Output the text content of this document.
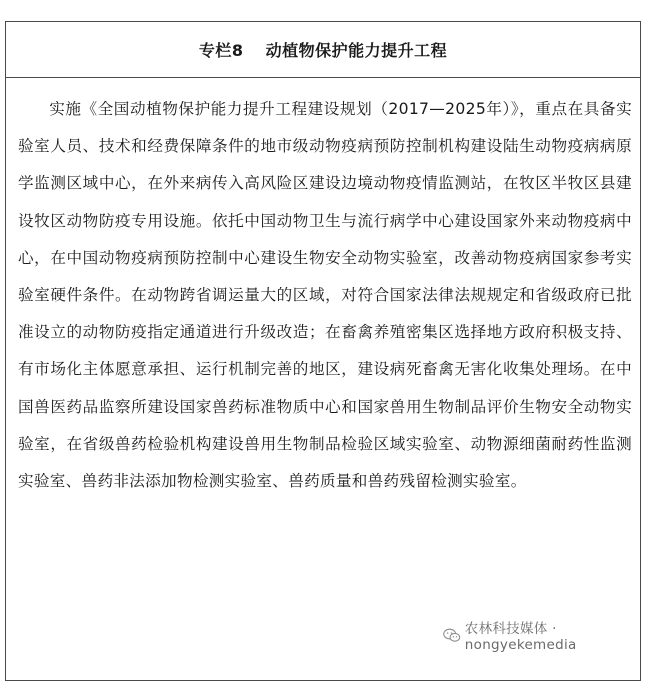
专栏8 动植物保护能力提升工程

实施《全国动植物保护能力提升工程建设规划（2017—2025年）》，重点在具备实验室人员、技术和经费保障条件的地市级动物疫病预防控制机构建设陆生动物疫病病原学监测区域中心，在外来病传入高风险区建设边境动物疫情监测站，在牧区半牧区县建设牧区动物防疫专用设施。依托中国动物卫生与流行病学中心建设国家外来动物疫病中心，在中国动物疫病预防控制中心建设生物安全动物实验室，改善动物疫病国家参考实验室硬件条件。在动物跨省调运量大的区域，对符合国家法律法规规定和省级政府已批准设立的动物防疫指定通道进行升级改造；在畜禽养殖密集区选择地方政府积极支持、有市场化主体愿意承担、运行机制完善的地区，建设病死畜禽无害化收集处理场。在中国兽医药品监察所建设国家兽药标准物质中心和国家兽用生物制品评价生物安全动物实验室，在省级兽药检验机构建设兽用生物制品检验区域实验室、动物源细菌耐药性监测实验室、兽药非法添加物检测实验室、兽药质量和兽药残留检测实验室。

农林科技媒体 · nongyekemedia
